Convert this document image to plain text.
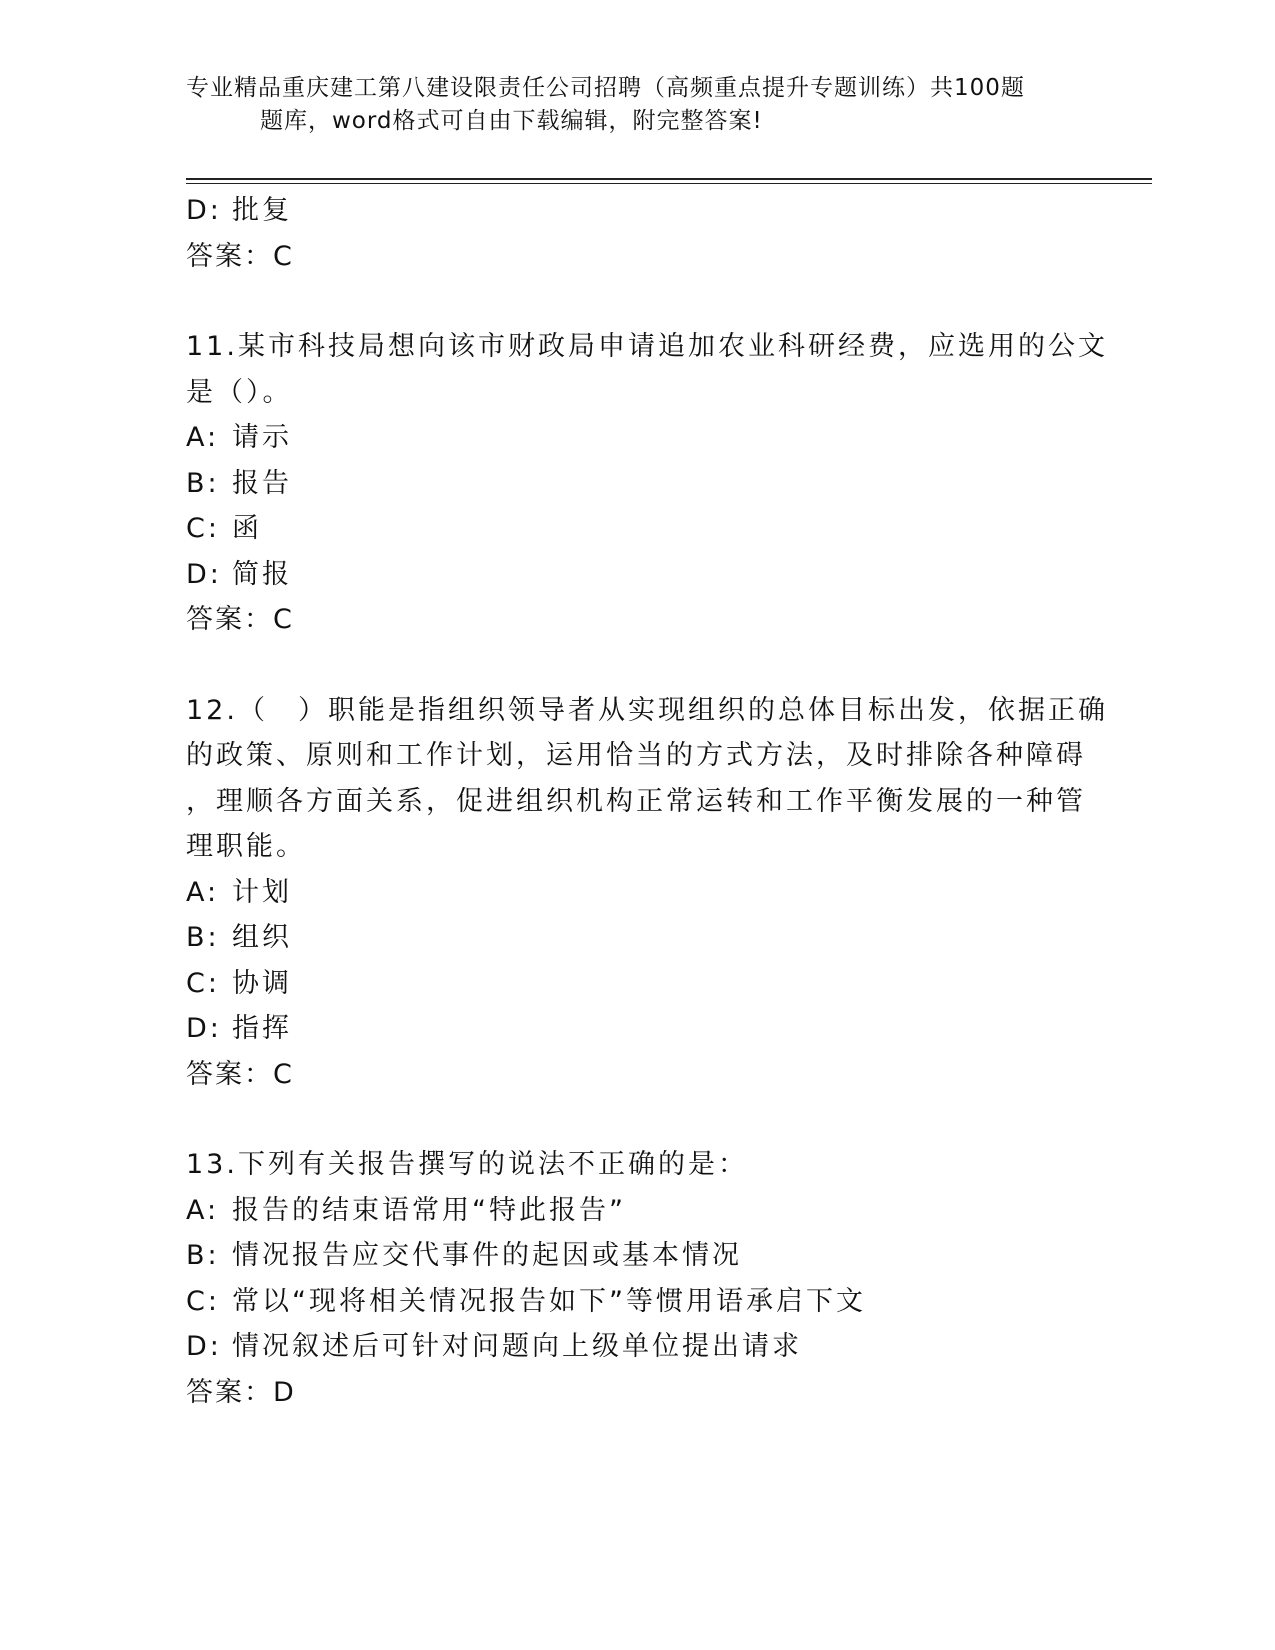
专业精品重庆建工第八建设限责任公司招聘（高频重点提升专题训练）共100题
题库，word格式可自由下载编辑，附完整答案!
D: 批复
答案：C
11.某市科技局想向该市财政局申请追加农业科研经费，应选用的公文
是（）。
A: 请示
B: 报告
C: 函
D: 简报
答案：C
12.（　）职能是指组织领导者从实现组织的总体目标出发，依据正确
的政策、原则和工作计划，运用恰当的方式方法，及时排除各种障碍
，理顺各方面关系，促进组织机构正常运转和工作平衡发展的一种管
理职能。
A: 计划
B: 组织
C: 协调
D: 指挥
答案：C
13.下列有关报告撰写的说法不正确的是：
A: 报告的结束语常用“特此报告”
B: 情况报告应交代事件的起因或基本情况
C: 常以“现将相关情况报告如下”等惯用语承启下文
D: 情况叙述后可针对问题向上级单位提出请求
答案：D
